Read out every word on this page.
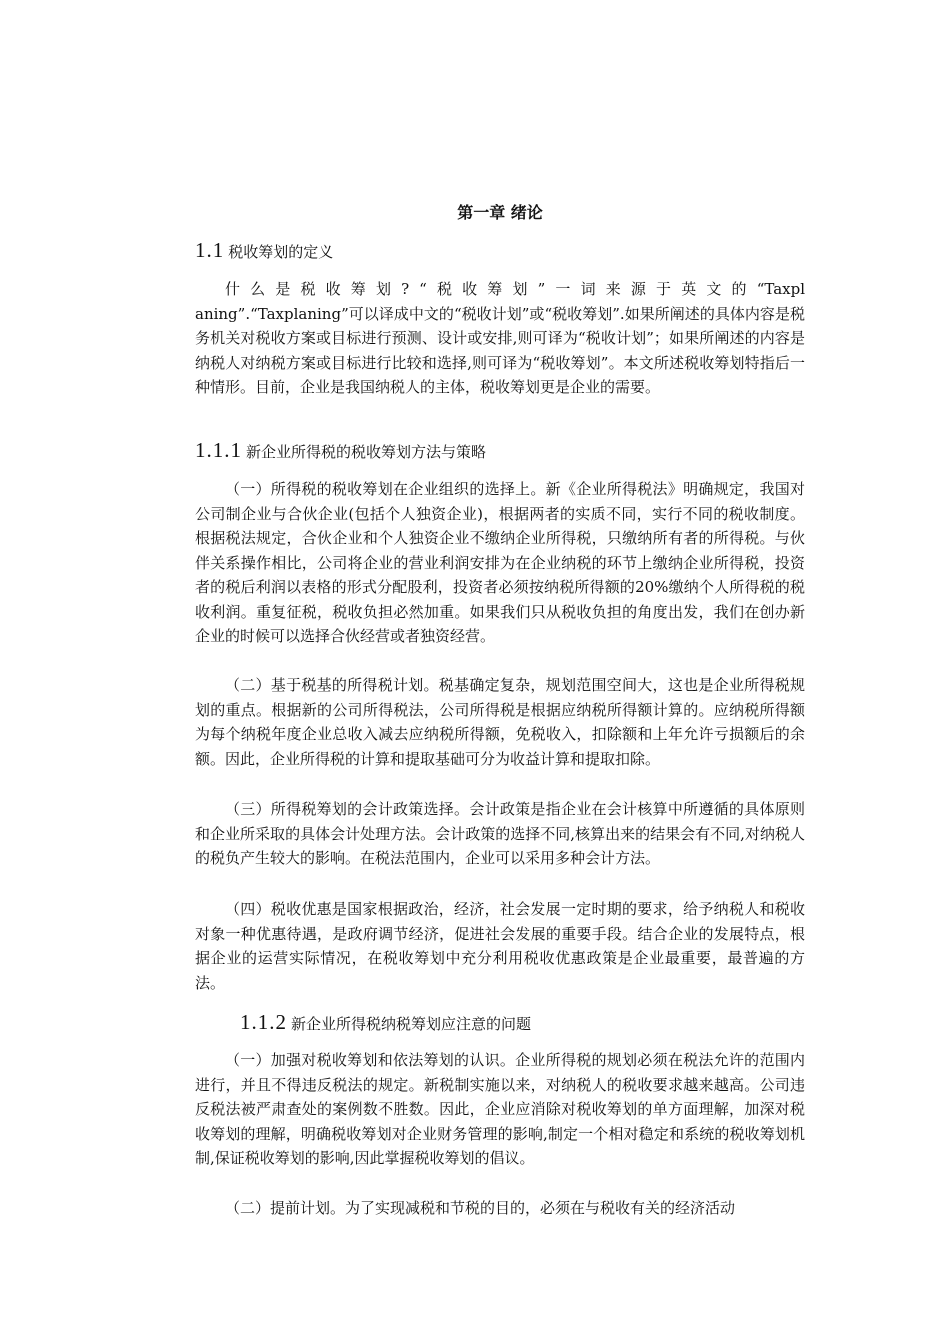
第一章 绪论
1.1 税收筹划的定义

什么是税收筹划?“税收筹划”一词来源于英文的“Taxplaning”.“Taxplaning”可以译成中文的“税收计划”或“税收筹划”.如果所阐述的具体内容是税务机关对税收方案或目标进行预测、设计或安排,则可译为“税收计划”；如果所阐述的内容是纳税人对纳税方案或目标进行比较和选择,则可译为“税收筹划”。本文所述税收筹划特指后一种情形。目前，企业是我国纳税人的主体，税收筹划更是企业的需要。

1.1.1 新企业所得税的税收筹划方法与策略

（一）所得税的税收筹划在企业组织的选择上。新《企业所得税法》明确规定，我国对公司制企业与合伙企业(包括个人独资企业)，根据两者的实质不同，实行不同的税收制度。根据税法规定，合伙企业和个人独资企业不缴纳企业所得税，只缴纳所有者的所得税。与伙伴关系操作相比，公司将企业的营业利润安排为在企业纳税的环节上缴纳企业所得税，投资者的税后利润以表格的形式分配股利，投资者必须按纳税所得额的20%缴纳个人所得税的税收利润。重复征税，税收负担必然加重。如果我们只从税收负担的角度出发，我们在创办新企业的时候可以选择合伙经营或者独资经营。

（二）基于税基的所得税计划。税基确定复杂，规划范围空间大，这也是企业所得税规划的重点。根据新的公司所得税法，公司所得税是根据应纳税所得额计算的。应纳税所得额为每个纳税年度企业总收入减去应纳税所得额，免税收入，扣除额和上年允许亏损额后的余额。因此，企业所得税的计算和提取基础可分为收益计算和提取扣除。

（三）所得税筹划的会计政策选择。会计政策是指企业在会计核算中所遵循的具体原则和企业所采取的具体会计处理方法。会计政策的选择不同,核算出来的结果会有不同,对纳税人的税负产生较大的影响。在税法范围内，企业可以采用多种会计方法。

（四）税收优惠是国家根据政治，经济，社会发展一定时期的要求，给予纳税人和税收对象一种优惠待遇，是政府调节经济，促进社会发展的重要手段。结合企业的发展特点，根据企业的运营实际情况，在税收筹划中充分利用税收优惠政策是企业最重要，最普遍的方法。

1.1.2 新企业所得税纳税筹划应注意的问题

（一）加强对税收筹划和依法筹划的认识。企业所得税的规划必须在税法允许的范围内进行，并且不得违反税法的规定。新税制实施以来，对纳税人的税收要求越来越高。公司违反税法被严肃查处的案例数不胜数。因此，企业应消除对税收筹划的单方面理解，加深对税收筹划的理解，明确税收筹划对企业财务管理的影响,制定一个相对稳定和系统的税收筹划机制,保证税收筹划的影响,因此掌握税收筹划的倡议。

（二）提前计划。为了实现减税和节税的目的，必须在与税收有关的经济活动
